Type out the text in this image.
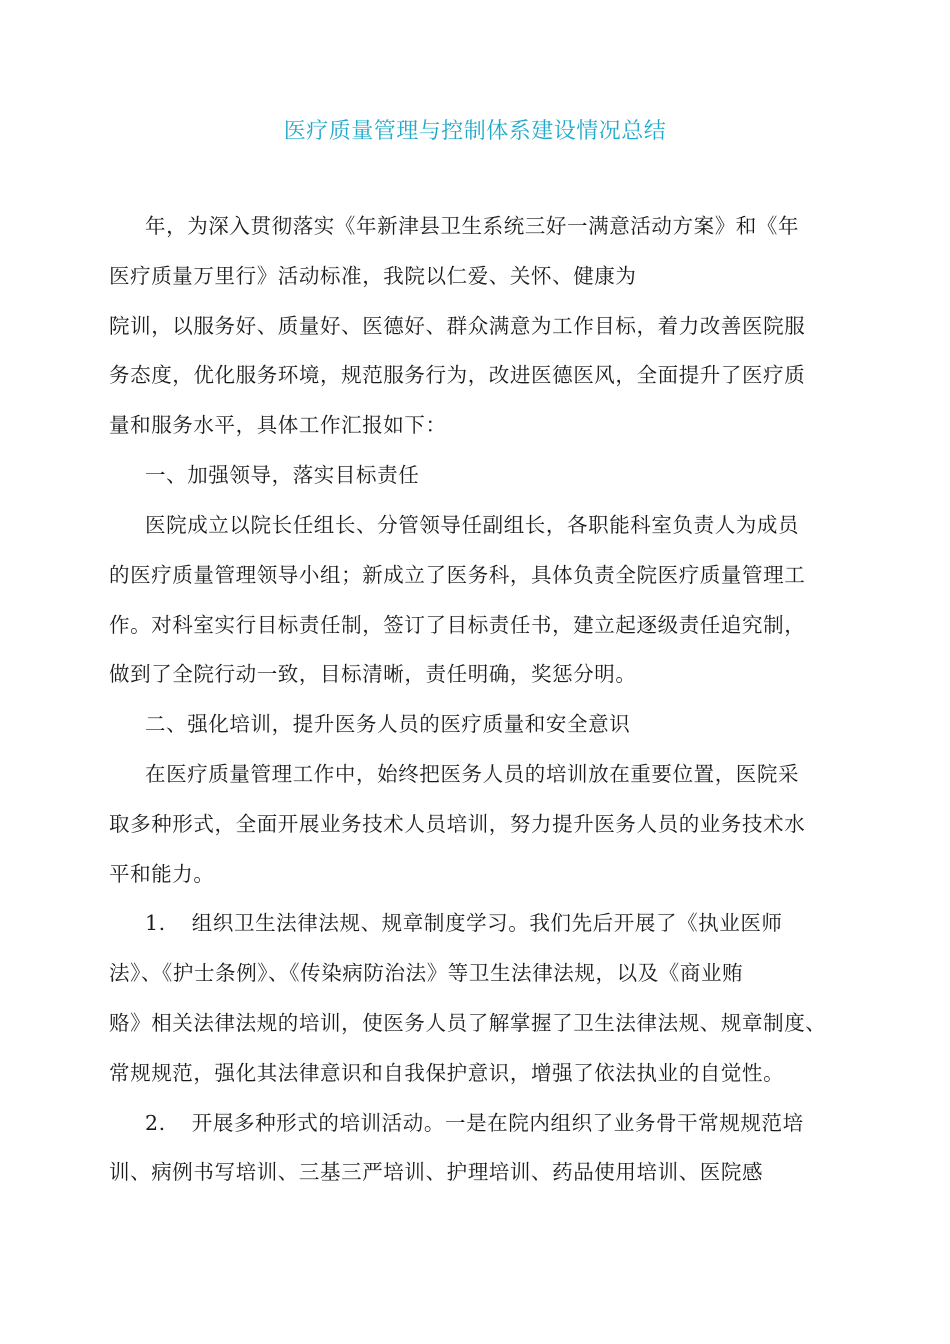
医疗质量管理与控制体系建设情况总结
年，为深入贯彻落实《年新津县卫生系统三好一满意活动方案》和《年
医疗质量万里行》活动标准，我院以仁爱、关怀、健康为
院训，以服务好、质量好、医德好、群众满意为工作目标，着力改善医院服
务态度，优化服务环境，规范服务行为，改进医德医风，全面提升了医疗质
量和服务水平，具体工作汇报如下：
一、加强领导，落实目标责任
医院成立以院长任组长、分管领导任副组长，各职能科室负责人为成员
的医疗质量管理领导小组；新成立了医务科，具体负责全院医疗质量管理工
作。对科室实行目标责任制，签订了目标责任书，建立起逐级责任追究制，
做到了全院行动一致，目标清晰，责任明确，奖惩分明。
二、强化培训，提升医务人员的医疗质量和安全意识
在医疗质量管理工作中，始终把医务人员的培训放在重要位置，医院采
取多种形式，全面开展业务技术人员培训，努力提升医务人员的业务技术水
平和能力。
1. 组织卫生法律法规、规章制度学习。我们先后开展了《执业医师
法》、《护士条例》、《传染病防治法》等卫生法律法规，以及《商业贿
赂》相关法律法规的培训，使医务人员了解掌握了卫生法律法规、规章制度、
常规规范，强化其法律意识和自我保护意识，增强了依法执业的自觉性。
2. 开展多种形式的培训活动。一是在院内组织了业务骨干常规规范培
训、病例书写培训、三基三严培训、护理培训、药品使用培训、医院感
